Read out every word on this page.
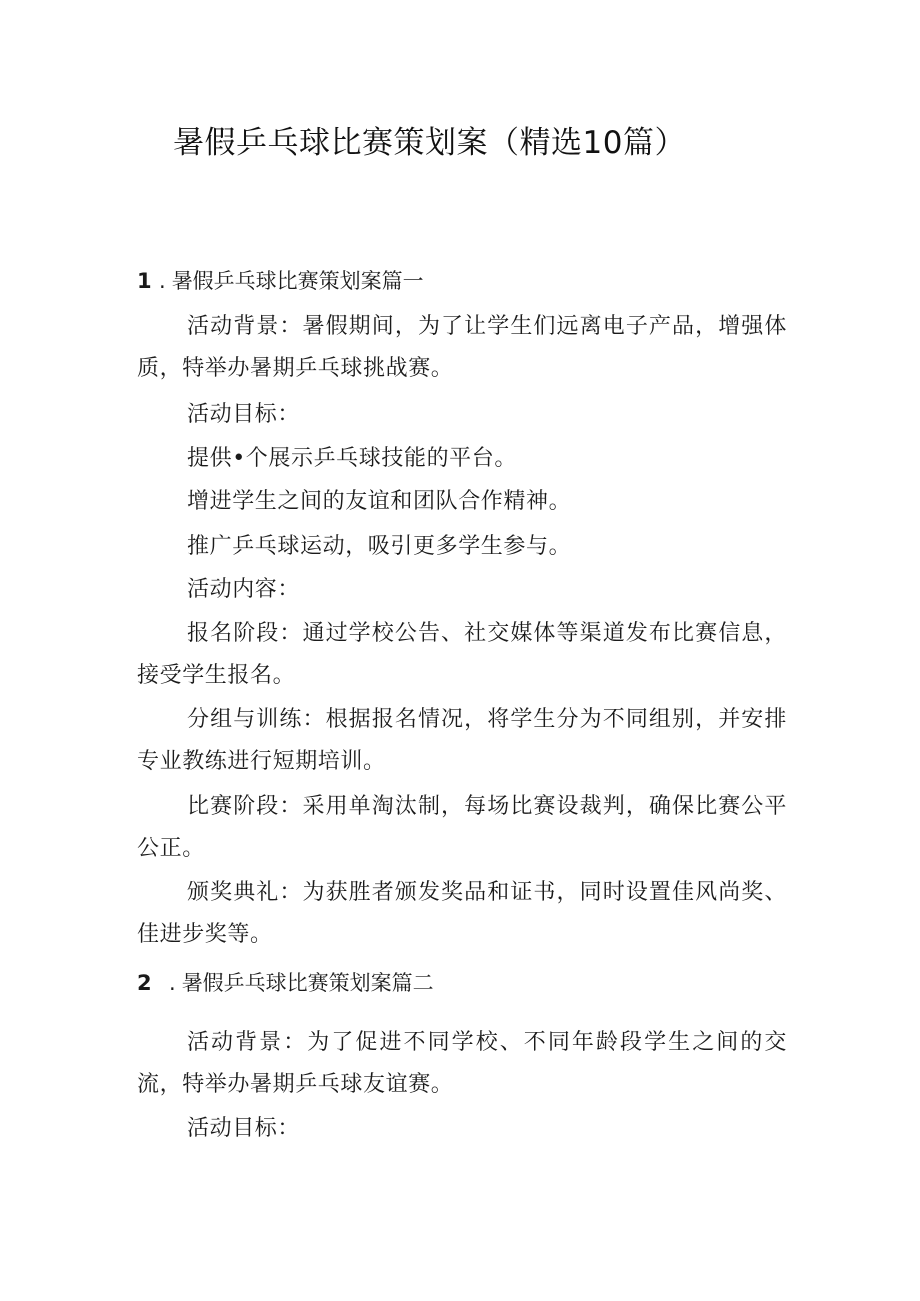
暑假乒乓球比赛策划案（精选10篇）
1 . 暑假乒乓球比赛策划案篇一

活动背景：暑假期间，为了让学生们远离电子产品，增强体质，特举办暑期乒乓球挑战赛。

活动目标：

提供•个展示乒乓球技能的平台。

增进学生之间的友谊和团队合作精神。

推广乒乓球运动，吸引更多学生参与。

活动内容：

报名阶段：通过学校公告、社交媒体等渠道发布比赛信息，接受学生报名。

分组与训练：根据报名情况，将学生分为不同组别，并安排专业教练进行短期培训。

比赛阶段：采用单淘汰制，每场比赛设裁判，确保比赛公平公正。

颁奖典礼：为获胜者颁发奖品和证书，同时设置佳风尚奖、佳进步奖等。

2 . 暑假乒乓球比赛策划案篇二

活动背景：为了促进不同学校、不同年龄段学生之间的交流，特举办暑期乒乓球友谊赛。

活动目标：
